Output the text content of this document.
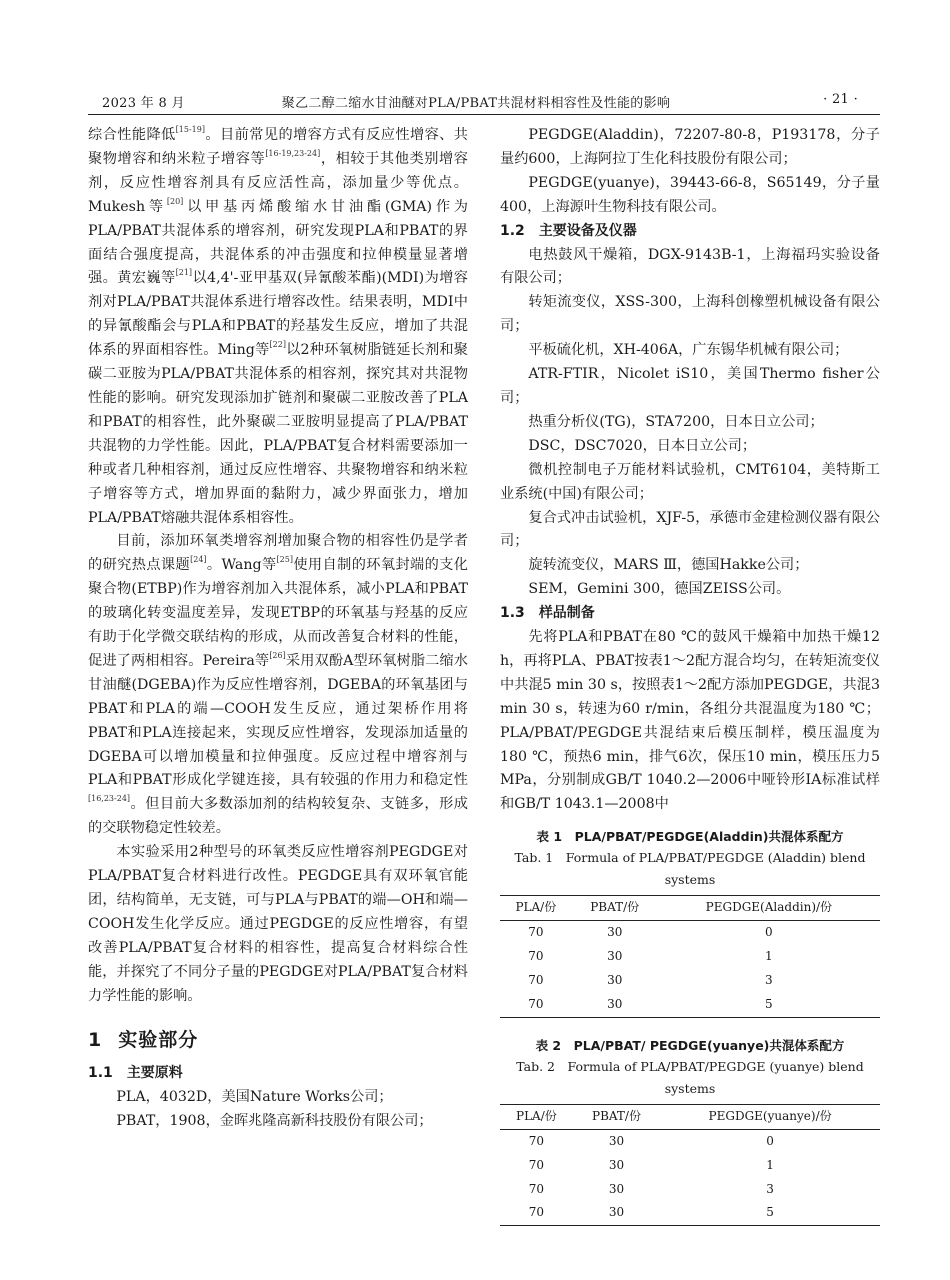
2023 年 8 月	聚乙二醇二缩水甘油醚对PLA/PBAT共混材料相容性及性能的影响	· 21 ·

综合性能降低[15-19]。目前常见的增容方式有反应性增容、共聚物增容和纳米粒子增容等[16-19,23-24]，相较于其他类别增容剂，反应性增容剂具有反应活性高，添加量少等优点。Mukesh等[20]以甲基丙烯酸缩水甘油酯(GMA)作为PLA/PBAT共混体系的增容剂，研究发现PLA和PBAT的界面结合强度提高，共混体系的冲击强度和拉伸模量显著增强。黄宏巍等[21]以4,4'-亚甲基双(异氰酸苯酯)(MDI)为增容剂对PLA/PBAT共混体系进行增容改性。结果表明，MDI中的异氰酸酯会与PLA和PBAT的羟基发生反应，增加了共混体系的界面相容性。Ming等[22]以2种环氧树脂链延长剂和聚碳二亚胺为PLA/PBAT共混体系的相容剂，探究其对共混物性能的影响。研究发现添加扩链剂和聚碳二亚胺改善了PLA和PBAT的相容性，此外聚碳二亚胺明显提高了PLA/PBAT共混物的力学性能。因此，PLA/PBAT复合材料需要添加一种或者几种相容剂，通过反应性增容、共聚物增容和纳米粒子增容等方式，增加界面的黏附力，减少界面张力，增加PLA/PBAT熔融共混体系相容性。

目前，添加环氧类增容剂增加聚合物的相容性仍是学者的研究热点课题[24]。Wang等[25]使用自制的环氧封端的支化聚合物(ETBP)作为增容剂加入共混体系，减小PLA和PBAT的玻璃化转变温度差异，发现ETBP的环氧基与羟基的反应有助于化学微交联结构的形成，从而改善复合材料的性能，促进了两相相容。Pereira等[26]采用双酚A型环氧树脂二缩水甘油醚(DGEBA)作为反应性增容剂，DGEBA的环氧基团与PBAT和PLA的端—COOH发生反应，通过架桥作用将PBAT和PLA连接起来，实现反应性增容，发现添加适量的DGEBA可以增加模量和拉伸强度。反应过程中增容剂与PLA和PBAT形成化学键连接，具有较强的作用力和稳定性[16,23-24]。但目前大多数添加剂的结构较复杂、支链多，形成的交联物稳定性较差。

本实验采用2种型号的环氧类反应性增容剂PEGDGE对PLA/PBAT复合材料进行改性。PEGDGE具有双环氧官能团，结构简单，无支链，可与PLA与PBAT的端—OH和端—COOH发生化学反应。通过PEGDGE的反应性增容，有望改善PLA/PBAT复合材料的相容性，提高复合材料综合性能，并探究了不同分子量的PEGDGE对PLA/PBAT复合材料力学性能的影响。

1 实验部分
1.1 主要原料

PLA，4032D，美国Nature Works公司；

PBAT，1908，金晖兆隆高新科技股份有限公司；

PEGDGE(Aladdin)，72207-80-8，P193178，分子量约600，上海阿拉丁生化科技股份有限公司；

PEGDGE(yuanye)，39443-66-8，S65149，分子量400，上海源叶生物科技有限公司。

1.2 主要设备及仪器

电热鼓风干燥箱，DGX-9143B-1，上海福玛实验设备有限公司；

转矩流变仪，XSS-300，上海科创橡塑机械设备有限公司；

平板硫化机，XH-406A，广东锡华机械有限公司；

ATR-FTIR，Nicolet iS10，美国Thermo fisher公司；

热重分析仪(TG)，STA7200，日本日立公司；

DSC，DSC7020，日本日立公司；

微机控制电子万能材料试验机，CMT6104，美特斯工业系统(中国)有限公司；

复合式冲击试验机，XJF-5，承德市金建检测仪器有限公司；

旋转流变仪，MARS Ⅲ，德国Hakke公司；

SEM，Gemini 300，德国ZEISS公司。

1.3 样品制备

先将PLA和PBAT在80 ℃的鼓风干燥箱中加热干燥12 h，再将PLA、PBAT按表1～2配方混合均匀，在转矩流变仪中共混5 min 30 s，按照表1～2配方添加PEGDGE，共混3 min 30 s，转速为60 r/min，各组分共混温度为180 ℃；PLA/PBAT/PEGDGE共混结束后模压制样，模压温度为180 ℃，预热6 min，排气6次，保压10 min，模压压力5 MPa，分别制成GB/T 1040.2—2006中哑铃形IA标准试样和GB/T 1043.1—2008中

表 1　PLA/PBAT/PEGDGE(Aladdin)共混体系配方
Tab. 1　Formula of PLA/PBAT/PEGDGE (Aladdin) blend systems
PLA/份	PBAT/份	PEGDGE(Aladdin)/份
70	30	0
70	30	1
70	30	3
70	30	5
表 2　PLA/PBAT/ PEGDGE(yuanye)共混体系配方
Tab. 2　Formula of PLA/PBAT/PEGDGE (yuanye) blend systems
PLA/份	PBAT/份	PEGDGE(yuanye)/份
70	30	0
70	30	1
70	30	3
70	30	5
